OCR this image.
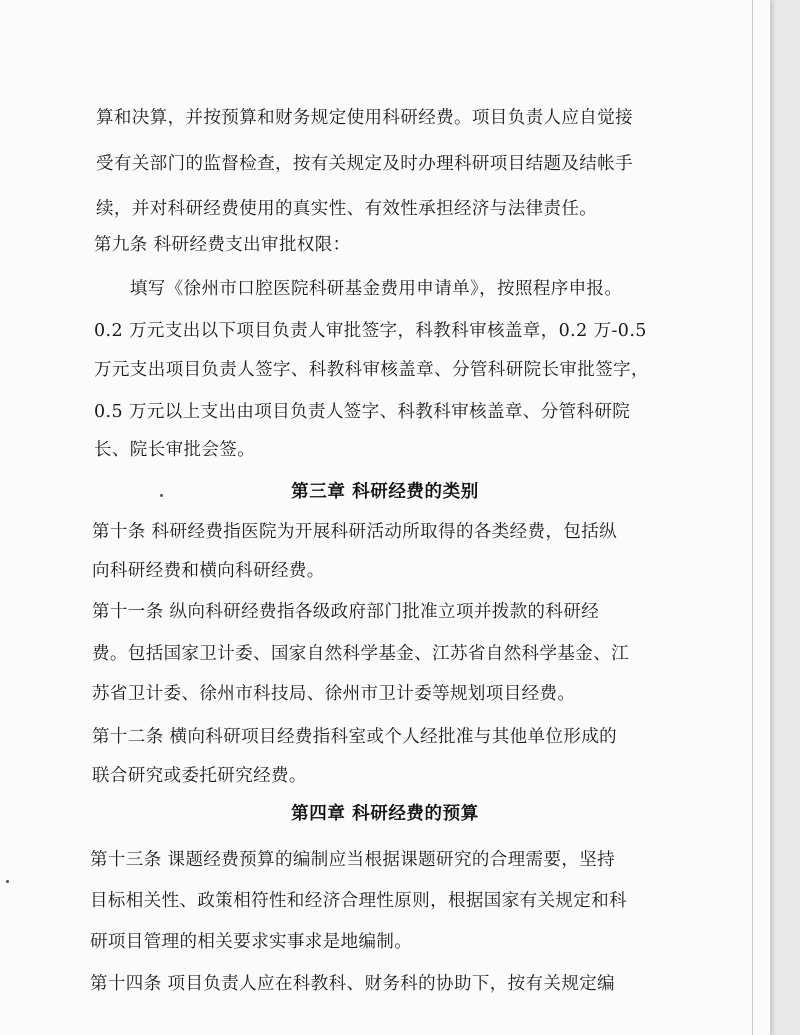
算和决算，并按预算和财务规定使用科研经费。项目负责人应自觉接
受有关部门的监督检查，按有关规定及时办理科研项目结题及结帐手
续，并对科研经费使用的真实性、有效性承担经济与法律责任。
第九条 科研经费支出审批权限：
　填写《徐州市口腔医院科研基金费用申请单》，按照程序申报。
0.2 万元支出以下项目负责人审批签字，科教科审核盖章，0.2 万-0.5
万元支出项目负责人签字、科教科审核盖章、分管科研院长审批签字，
0.5 万元以上支出由项目负责人签字、科教科审核盖章、分管科研院
长、院长审批会签。
第三章 科研经费的类别
第十条 科研经费指医院为开展科研活动所取得的各类经费，包括纵
向科研经费和横向科研经费。
第十一条 纵向科研经费指各级政府部门批准立项并拨款的科研经
费。包括国家卫计委、国家自然科学基金、江苏省自然科学基金、江
苏省卫计委、徐州市科技局、徐州市卫计委等规划项目经费。
第十二条 横向科研项目经费指科室或个人经批准与其他单位形成的
联合研究或委托研究经费。
第四章 科研经费的预算
第十三条 课题经费预算的编制应当根据课题研究的合理需要，坚持
目标相关性、政策相符性和经济合理性原则，根据国家有关规定和科
研项目管理的相关要求实事求是地编制。
第十四条 项目负责人应在科教科、财务科的协助下，按有关规定编
